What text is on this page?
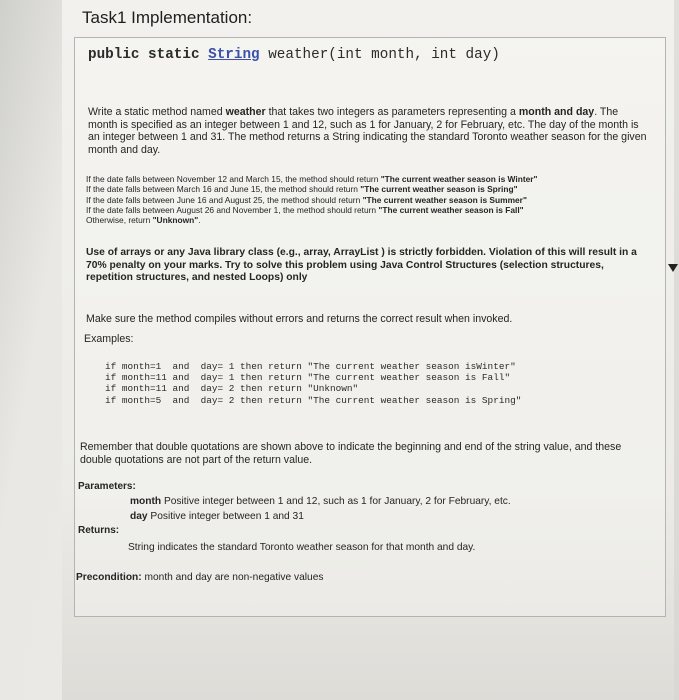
Task1 Implementation:
public static String weather(int month, int day)
Write a static method named weather that takes two integers as parameters representing a month and day. The month is specified as an integer between 1 and 12, such as 1 for January, 2 for February, etc. The day of the month is an integer between 1 and 31. The method returns a String indicating the standard Toronto weather season for the given month and day.
If the date falls between November 12 and March 15, the method should return "The current weather season is Winter"
If the date falls between March 16 and June 15, the method should return "The current weather season is Spring"
If the date falls between June 16 and August 25, the method should return "The current weather season is Summer"
If the date falls between August 26 and November 1, the method should return "The current weather season is Fall"
Otherwise, return "Unknown".
Use of arrays or any Java library class (e.g., array, ArrayList ) is strictly forbidden. Violation of this will result in a 70% penalty on your marks. Try to solve this problem using Java Control Structures (selection structures, repetition structures, and nested Loops) only
Make sure the method compiles without errors and returns the correct result when invoked.
Examples:
if month=1  and  day= 1 then return "The current weather season isWinter"
if month=11 and  day= 1 then return "The current weather season is Fall"
if month=11 and  day= 2 then return "Unknown"
if month=5  and  day= 2 then return "The current weather season is Spring"
Remember that double quotations are shown above to indicate the beginning and end of the string value, and these double quotations are not part of the return value.
Parameters:
month Positive integer between 1 and 12, such as 1 for January, 2 for February, etc.
day Positive integer between 1 and 31
Returns:
String indicates the standard Toronto weather season for that month and day.
Precondition: month and day are non-negative values
